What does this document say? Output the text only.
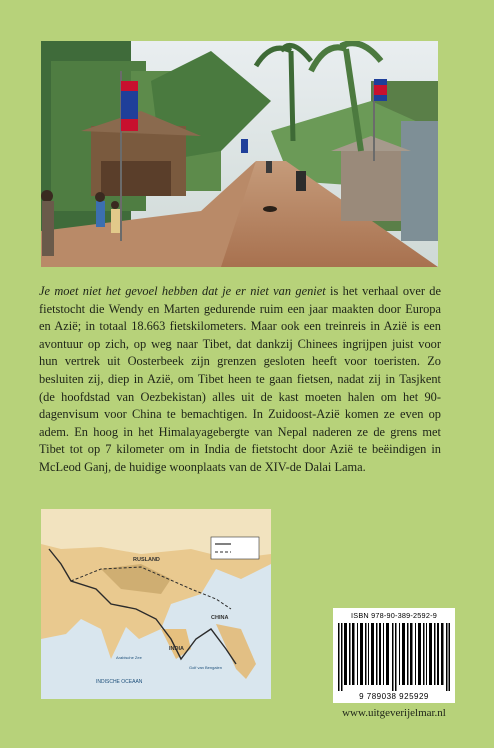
Je moet niet het gevoel hebben dat je er niet van geniet is het verhaal over de fietstocht die Wendy en Marten gedurende ruim een jaar maakten door Europa en Azië; in totaal 18.663 fietskilometers. Maar ook een treinreis in Azië is een avontuur op zich, op weg naar Tibet, dat dankzij Chinees ingrijpen juist voor hun vertrek uit Oosterbeek zijn grenzen gesloten heeft voor toeristen. Zo besluiten zij, diep in Azië, om Tibet heen te gaan fietsen, nadat zij in Tasjkent (de hoofdstad van Oezbekistan) alles uit de kast moeten halen om het 90-dagenvisum voor China te bemachtigen. In Zuidoost-Azië komen ze even op adem. En hoog in het Himalayagebergte van Nepal naderen ze de grens met Tibet tot op 7 kilometer om in India de fietstocht door Azië te beëindigen in McLeod Ganj, de huidige woonplaats van de XIV-de Dalai Lama.

RUSLAND
CHINA
INDIA
INDISCHE OCEAAN
Arabische Zee
Golf van Bengalen
ISBN 978-90-389-2592-9
9 789038 925929
www.uitgeverijelmar.nl
